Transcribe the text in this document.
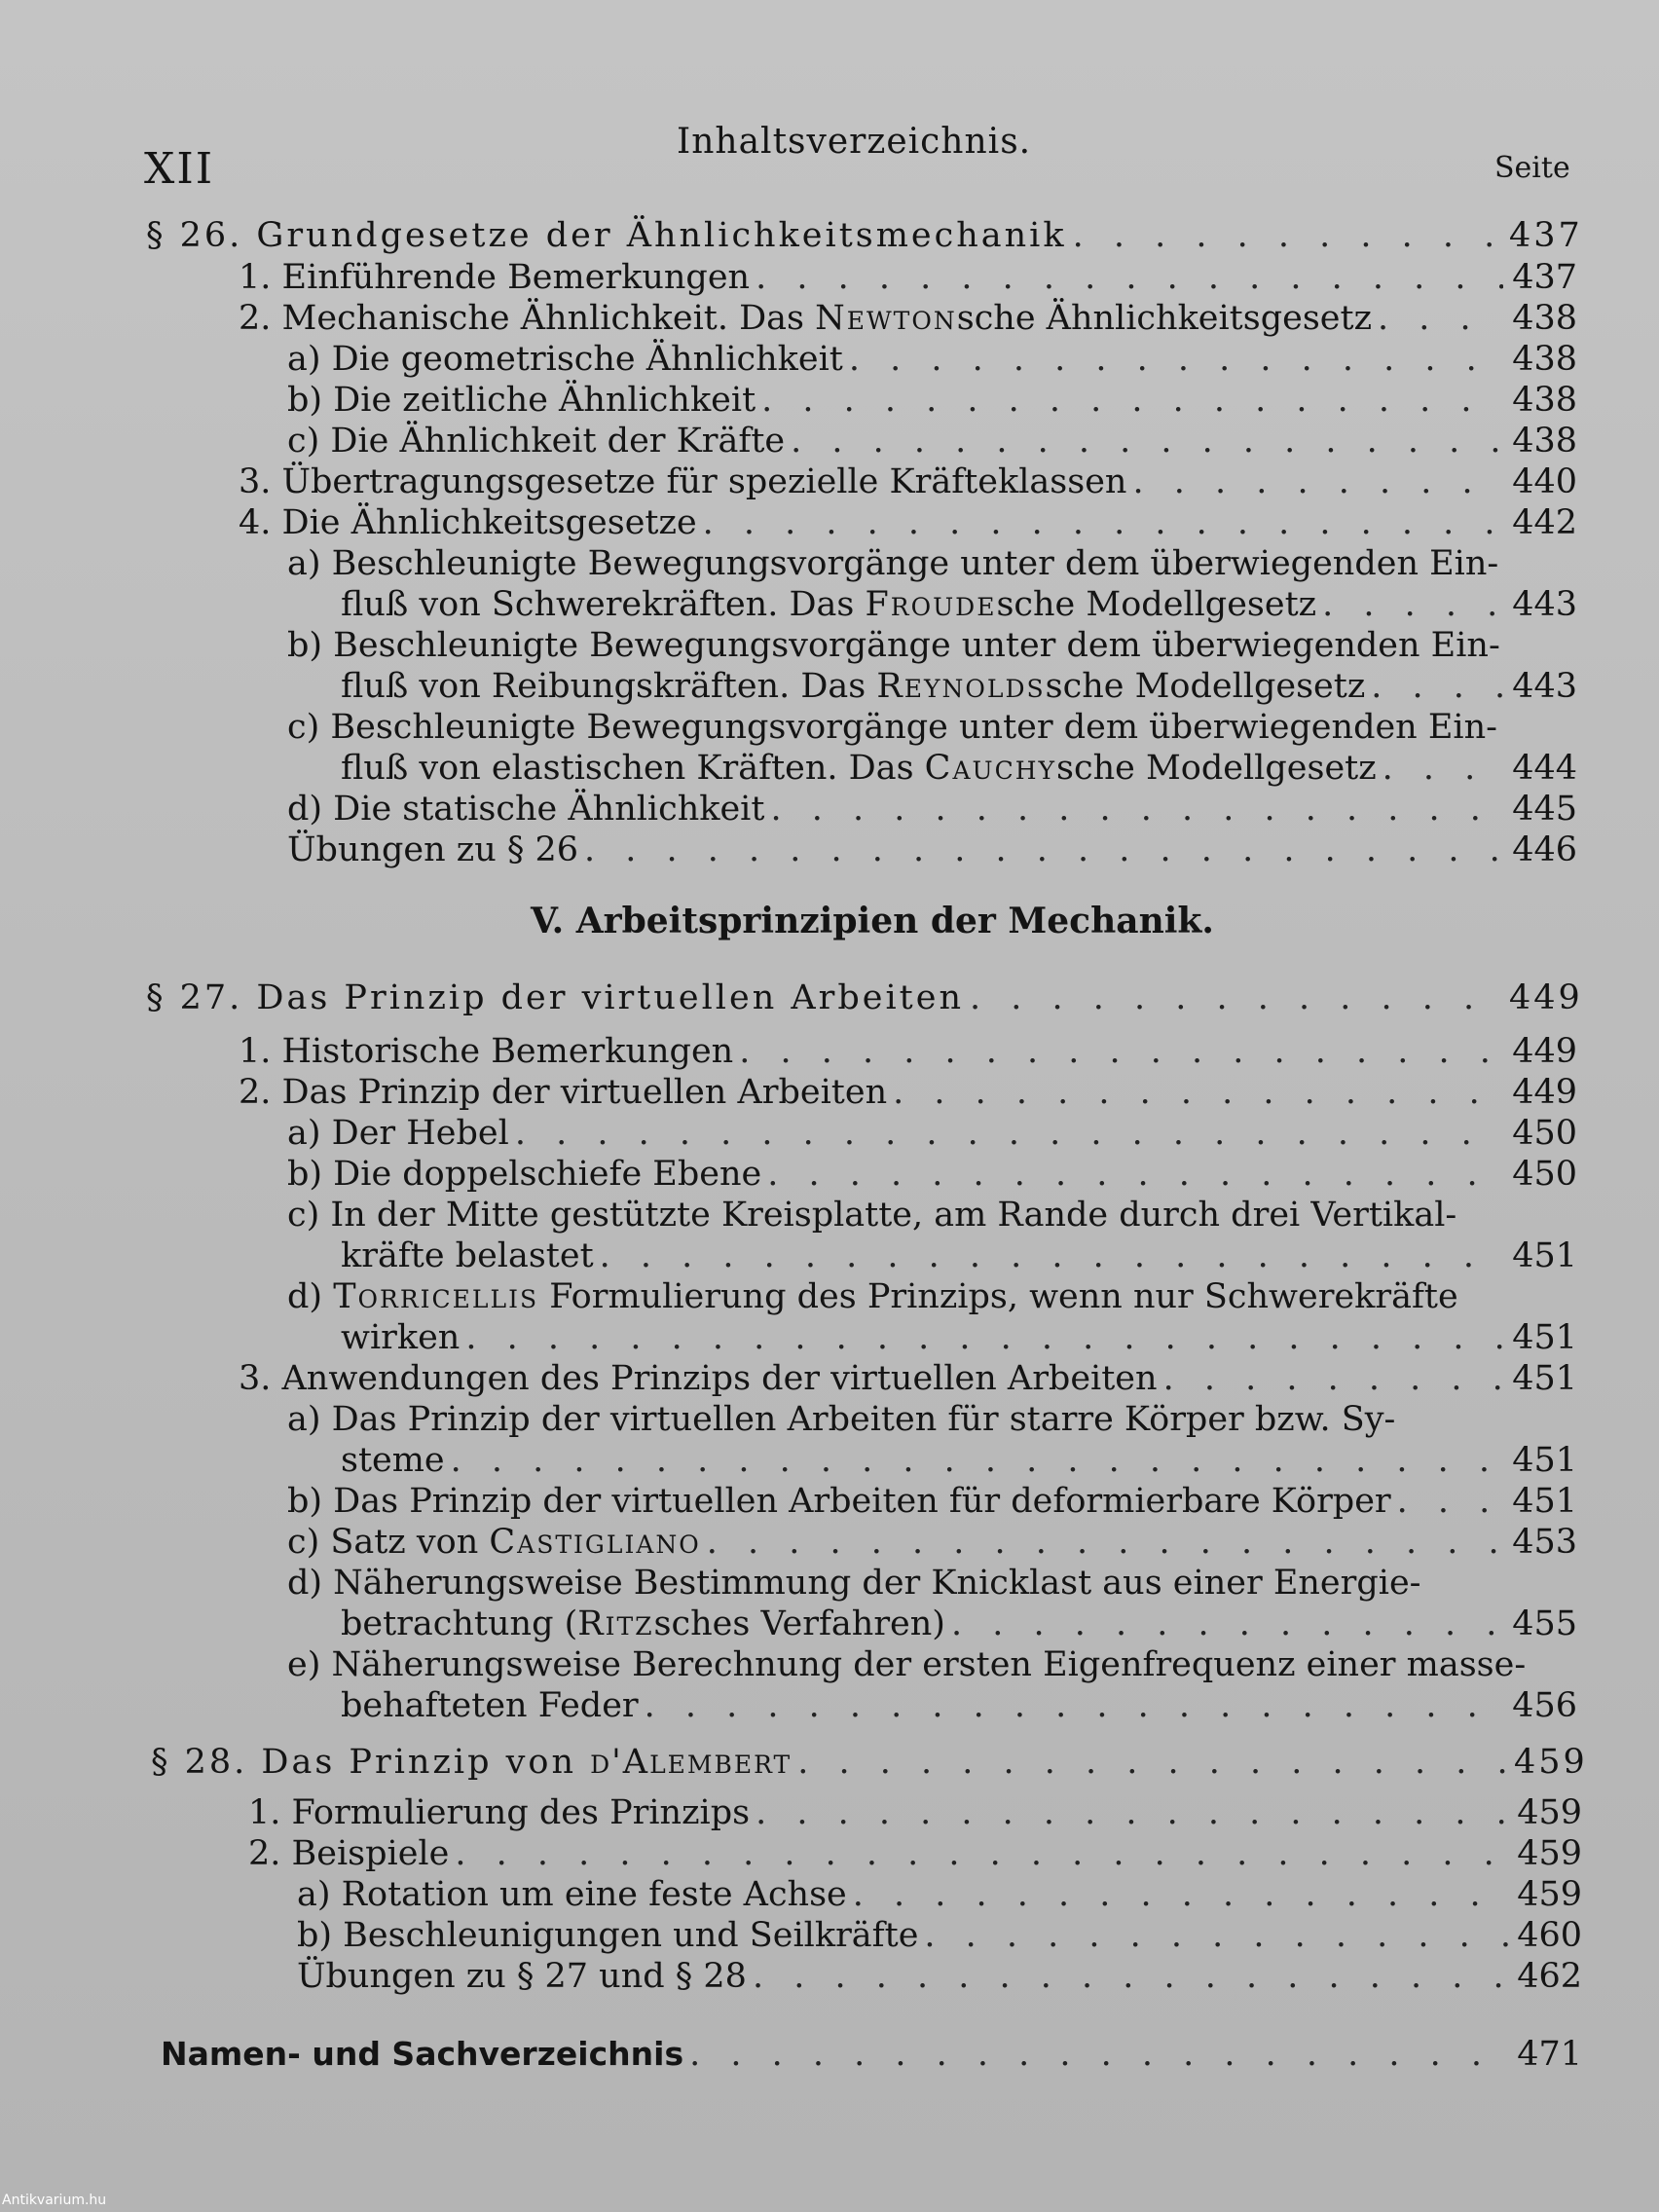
XII
Inhaltsverzeichnis.
Seite
§ 26. Grundgesetze der Ähnlichkeitsmechanik . . .	437
1. Einführende Bemerkungen . . .	437
2. Mechanische Ähnlichkeit. Das Newtonsche Ähnlichkeitsgesetz . . .	438
a) Die geometrische Ähnlichkeit . . .	438
b) Die zeitliche Ähnlichkeit . . .	438
c) Die Ähnlichkeit der Kräfte . . .	438
3. Übertragungsgesetze für spezielle Kräfteklassen . . .	440
4. Die Ähnlichkeitsgesetze . . .	442
a) Beschleunigte Bewegungsvorgänge unter dem überwiegenden Ein-
fluß von Schwerekräften. Das Froudesche Modellgesetz . . .	443
b) Beschleunigte Bewegungsvorgänge unter dem überwiegenden Ein-
fluß von Reibungskräften. Das Reynoldssche Modellgesetz . . .	443
c) Beschleunigte Bewegungsvorgänge unter dem überwiegenden Ein-
fluß von elastischen Kräften. Das Cauchysche Modellgesetz . . .	444
d) Die statische Ähnlichkeit . . .	445
Übungen zu § 26 . . .	446
V. Arbeitsprinzipien der Mechanik.
§ 27. Das Prinzip der virtuellen Arbeiten . . .	449
1. Historische Bemerkungen . . .	449
2. Das Prinzip der virtuellen Arbeiten . . .	449
a) Der Hebel . . .	450
b) Die doppelschiefe Ebene . . .	450
c) In der Mitte gestützte Kreisplatte, am Rande durch drei Vertikal-
kräfte belastet . . .	451
d) Torricellis Formulierung des Prinzips, wenn nur Schwerekräfte
wirken . . .	451
3. Anwendungen des Prinzips der virtuellen Arbeiten . . .	451
a) Das Prinzip der virtuellen Arbeiten für starre Körper bzw. Sy-
steme . . .	451
b) Das Prinzip der virtuellen Arbeiten für deformierbare Körper . . .	451
c) Satz von Castigliano . . .	453
d) Näherungsweise Bestimmung der Knicklast aus einer Energie-
betrachtung (Ritzsches Verfahren) . . .	455
e) Näherungsweise Berechnung der ersten Eigenfrequenz einer masse-
behafteten Feder . . .	456
§ 28. Das Prinzip von d'Alembert . . .	459
1. Formulierung des Prinzips . . .	459
2. Beispiele . . .	459
a) Rotation um eine feste Achse . . .	459
b) Beschleunigungen und Seilkräfte . . .	460
Übungen zu § 27 und § 28 . . .	462
Namen- und Sachverzeichnis . . .	471
Antikvarium.hu
